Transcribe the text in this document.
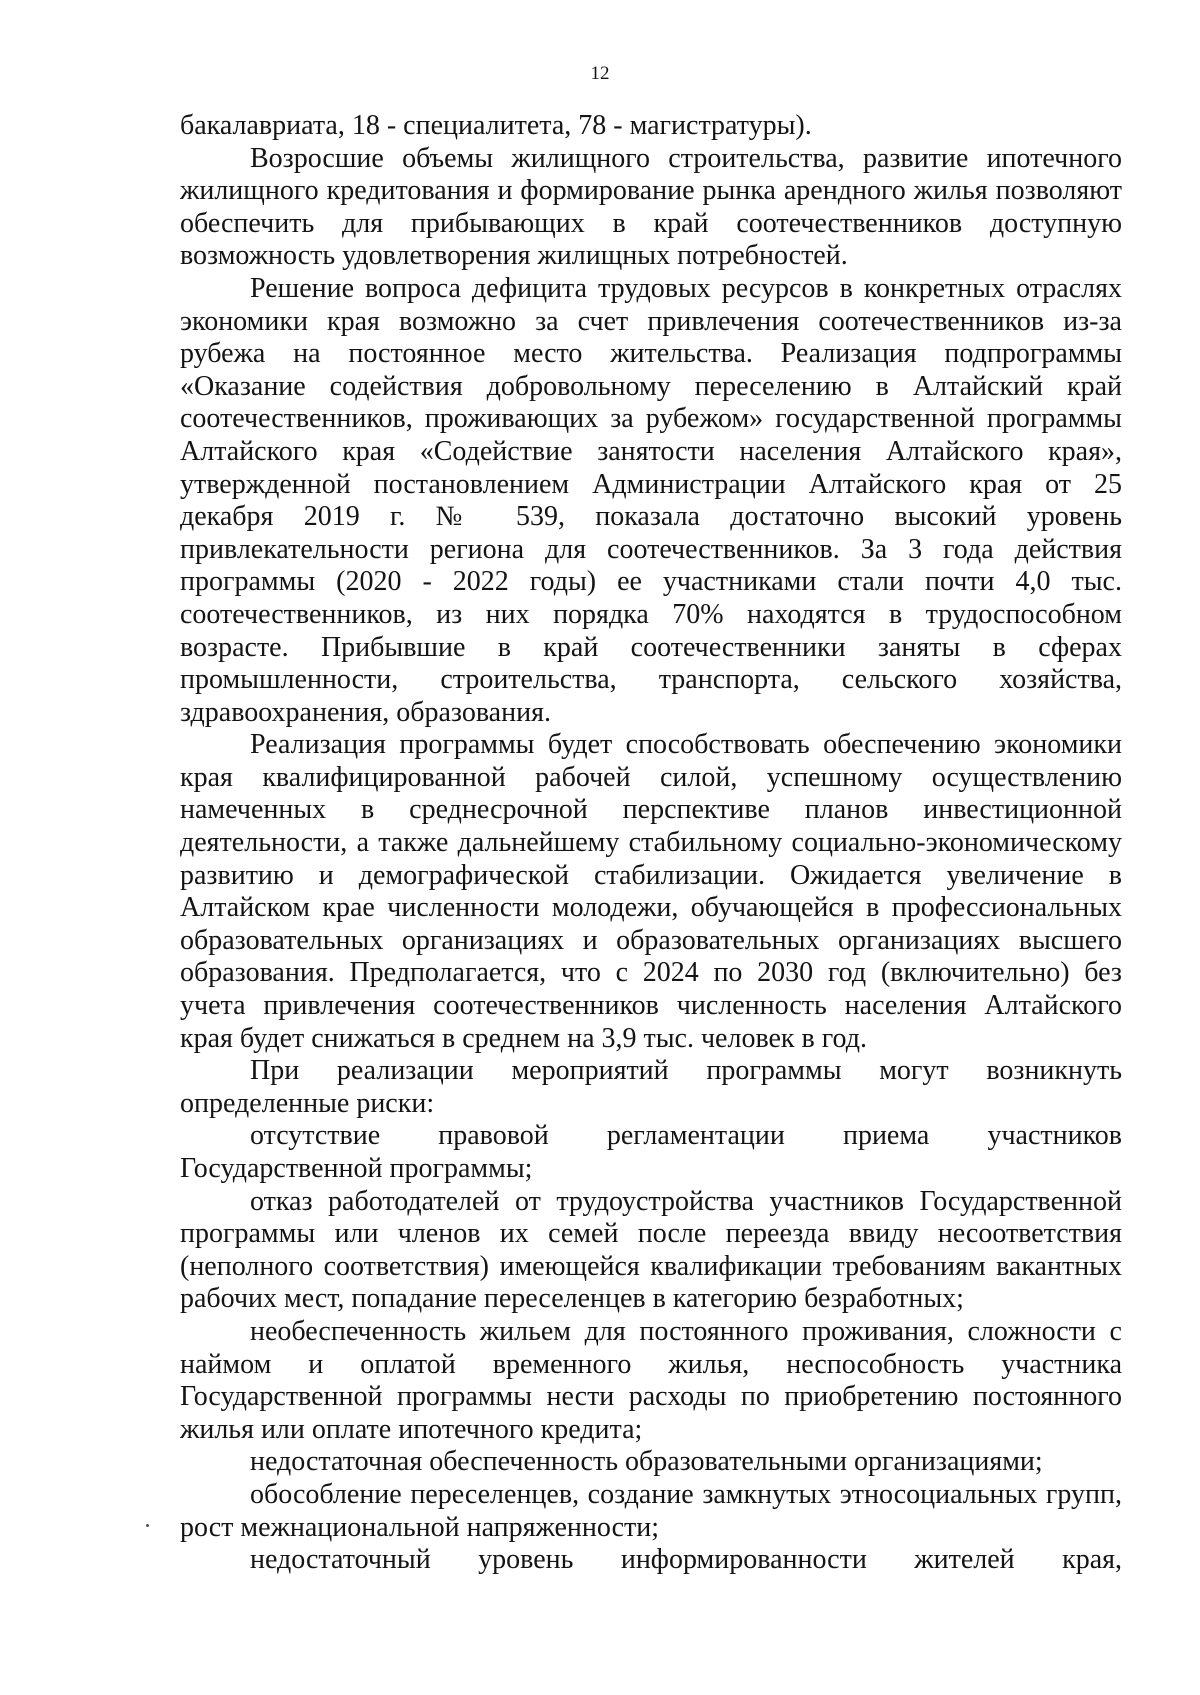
12

бакалавриата, 18 - специалитета, 78 - магистратуры).

Возросшие объемы жилищного строительства, развитие ипотечного жилищного кредитования и формирование рынка арендного жилья позволяют обеспечить для прибывающих в край соотечественников доступную возможность удовлетворения жилищных потребностей.

Решение вопроса дефицита трудовых ресурсов в конкретных отраслях экономики края возможно за счет привлечения соотечественников из-за рубежа на постоянное место жительства. Реализация подпрограммы «Оказание содействия добровольному переселению в Алтайский край соотечественников, проживающих за рубежом» государственной программы Алтайского края «Содействие занятости населения Алтайского края», утвержденной постановлением Администрации Алтайского края от 25 декабря 2019 г. № 539, показала достаточно высокий уровень привлекательности региона для соотечественников. За 3 года действия программы (2020 - 2022 годы) ее участниками стали почти 4,0 тыс. соотечественников, из них порядка 70% находятся в трудоспособном возрасте. Прибывшие в край соотечественники заняты в сферах промышленности, строительства, транспорта, сельского хозяйства, здравоохранения, образования.

Реализация программы будет способствовать обеспечению экономики края квалифицированной рабочей силой, успешному осуществлению намеченных в среднесрочной перспективе планов инвестиционной деятельности, а также дальнейшему стабильному социально-экономическому развитию и демографической стабилизации. Ожидается увеличение в Алтайском крае численности молодежи, обучающейся в профессиональных образовательных организациях и образовательных организациях высшего образования. Предполагается, что с 2024 по 2030 год (включительно) без учета привлечения соотечественников численность населения Алтайского края будет снижаться в среднем на 3,9 тыс. человек в год.

При реализации мероприятий программы могут возникнуть определенные риски:

отсутствие правовой регламентации приема участников Государственной программы;

отказ работодателей от трудоустройства участников Государственной программы или членов их семей после переезда ввиду несоответствия (неполного соответствия) имеющейся квалификации требованиям вакантных рабочих мест, попадание переселенцев в категорию безработных;

необеспеченность жильем для постоянного проживания, сложности с наймом и оплатой временного жилья, неспособность участника Государственной программы нести расходы по приобретению постоянного жилья или оплате ипотечного кредита;

недостаточная обеспеченность образовательными организациями;

обособление переселенцев, создание замкнутых этносоциальных групп, рост межнациональной напряженности;

недостаточный уровень информированности жителей края,
